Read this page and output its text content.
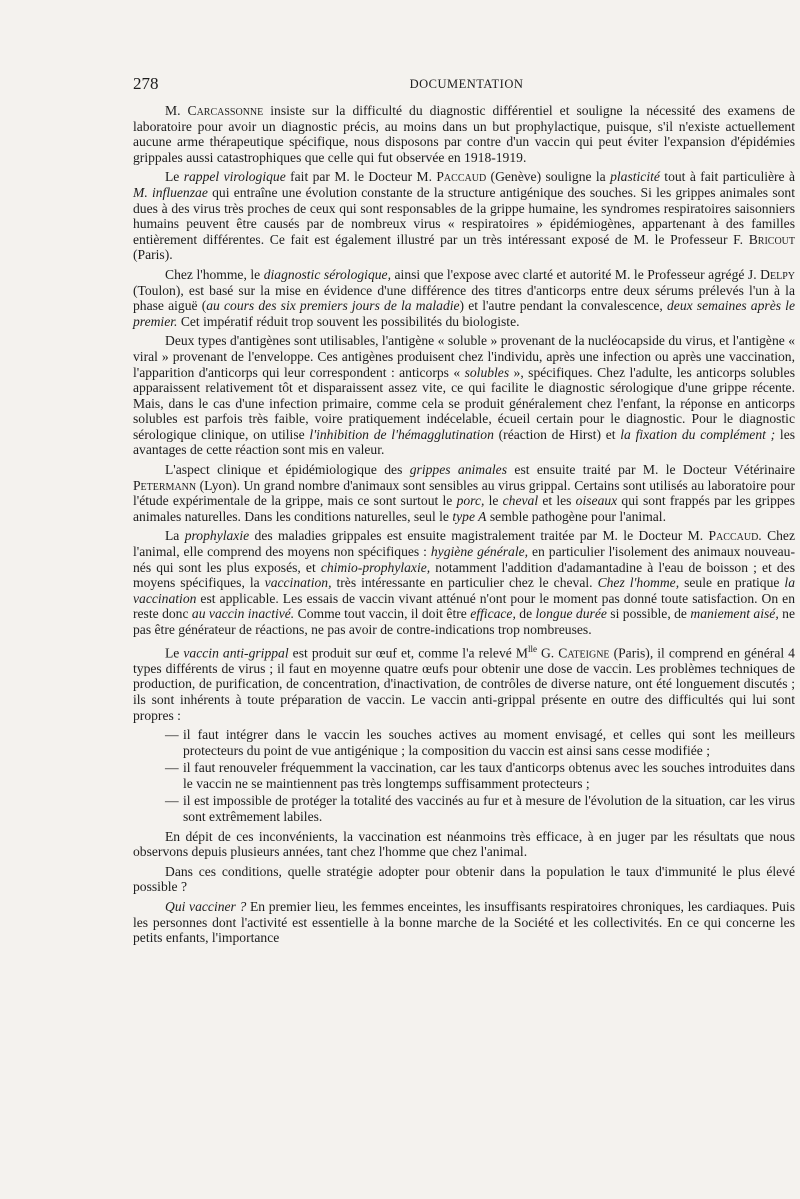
278	DOCUMENTATION

M. Carcassonne insiste sur la difficulté du diagnostic différentiel et souligne la nécessité des examens de laboratoire pour avoir un diagnostic précis, au moins dans un but prophylactique, puisque, s'il n'existe actuellement aucune arme thérapeutique spécifique, nous disposons par contre d'un vaccin qui peut éviter l'expansion d'épidémies grippales aussi catastrophiques que celle qui fut observée en 1918-1919.

Le rappel virologique fait par M. le Docteur M. Paccaud (Genève) souligne la plasticité tout à fait particulière à M. influenzae qui entraîne une évolution constante de la structure antigénique des souches. Si les grippes animales sont dues à des virus très proches de ceux qui sont responsables de la grippe humaine, les syndromes respiratoires saisonniers humains peuvent être causés par de nombreux virus « respiratoires » épidémiogènes, appartenant à des familles entièrement différentes. Ce fait est également illustré par un très intéressant exposé de M. le Professeur F. Bricout (Paris).

Chez l'homme, le diagnostic sérologique, ainsi que l'expose avec clarté et autorité M. le Professeur agrégé J. Delpy (Toulon), est basé sur la mise en évidence d'une différence des titres d'anticorps entre deux sérums prélevés l'un à la phase aiguë (au cours des six premiers jours de la maladie) et l'autre pendant la convalescence, deux semaines après le premier. Cet impératif réduit trop souvent les possibilités du biologiste.

Deux types d'antigènes sont utilisables, l'antigène « soluble » provenant de la nucléocapside du virus, et l'antigène « viral » provenant de l'enveloppe. Ces antigènes produisent chez l'individu, après une infection ou après une vaccination, l'apparition d'anticorps qui leur correspondent : anticorps « solubles », spécifiques. Chez l'adulte, les anticorps solubles apparaissent relativement tôt et disparaissent assez vite, ce qui facilite le diagnostic sérologique d'une grippe récente. Mais, dans le cas d'une infection primaire, comme cela se produit généralement chez l'enfant, la réponse en anticorps solubles est parfois très faible, voire pratiquement indécelable, écueil certain pour le diagnostic. Pour le diagnostic sérologique clinique, on utilise l'inhibition de l'hémagglutination (réaction de Hirst) et la fixation du complément ; les avantages de cette réaction sont mis en valeur.

L'aspect clinique et épidémiologique des grippes animales est ensuite traité par M. le Docteur Vétérinaire Petermann (Lyon). Un grand nombre d'animaux sont sensibles au virus grippal. Certains sont utilisés au laboratoire pour l'étude expérimentale de la grippe, mais ce sont surtout le porc, le cheval et les oiseaux qui sont frappés par les grippes animales naturelles. Dans les conditions naturelles, seul le type A semble pathogène pour l'animal.

La prophylaxie des maladies grippales est ensuite magistralement traitée par M. le Docteur M. Paccaud. Chez l'animal, elle comprend des moyens non spécifiques : hygiène générale, en particulier l'isolement des animaux nouveau-nés qui sont les plus exposés, et chimio-prophylaxie, notamment l'addition d'adamantadine à l'eau de boisson ; et des moyens spécifiques, la vaccination, très intéressante en particulier chez le cheval. Chez l'homme, seule en pratique la vaccination est applicable. Les essais de vaccin vivant atténué n'ont pour le moment pas donné toute satisfaction. On en reste donc au vaccin inactivé. Comme tout vaccin, il doit être efficace, de longue durée si possible, de maniement aisé, ne pas être générateur de réactions, ne pas avoir de contre-indications trop nombreuses.

Le vaccin anti-grippal est produit sur œuf et, comme l'a relevé $M^{lle}$ G. Cateigne (Paris), il comprend en général 4 types différents de virus ; il faut en moyenne quatre œufs pour obtenir une dose de vaccin. Les problèmes techniques de production, de purification, de concentration, d'inactivation, de contrôles de diverse nature, ont été longuement discutés ; ils sont inhérents à toute préparation de vaccin. Le vaccin anti-grippal présente en outre des difficultés qui lui sont propres :

— il faut intégrer dans le vaccin les souches actives au moment envisagé, et celles qui sont les meilleurs protecteurs du point de vue antigénique ; la composition du vaccin est ainsi sans cesse modifiée ;
— il faut renouveler fréquemment la vaccination, car les taux d'anticorps obtenus avec les souches introduites dans le vaccin ne se maintiennent pas très longtemps suffisamment protecteurs ;
— il est impossible de protéger la totalité des vaccinés au fur et à mesure de l'évolution de la situation, car les virus sont extrêmement labiles.

En dépit de ces inconvénients, la vaccination est néanmoins très efficace, à en juger par les résultats que nous observons depuis plusieurs années, tant chez l'homme que chez l'animal.

Dans ces conditions, quelle stratégie adopter pour obtenir dans la population le taux d'immunité le plus élevé possible ?

Qui vacciner ? En premier lieu, les femmes enceintes, les insuffisants respiratoires chroniques, les cardiaques. Puis les personnes dont l'activité est essentielle à la bonne marche de la Société et les collectivités. En ce qui concerne les petits enfants, l'importance
